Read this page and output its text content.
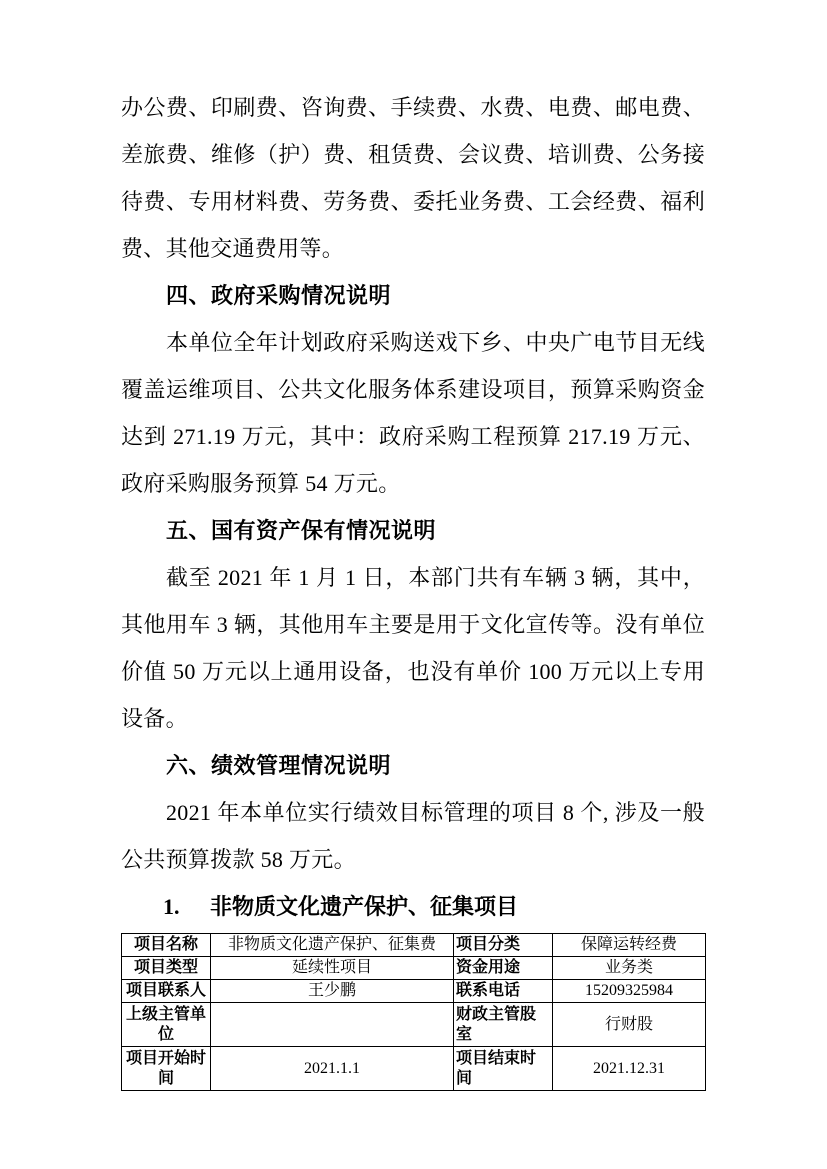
办公费、印刷费、咨询费、手续费、水费、电费、邮电费、差旅费、维修（护）费、租赁费、会议费、培训费、公务接待费、专用材料费、劳务费、委托业务费、工会经费、福利费、其他交通费用等。

四、政府采购情况说明

本单位全年计划政府采购送戏下乡、中央广电节目无线覆盖运维项目、公共文化服务体系建设项目，预算采购资金达到 271.19 万元，其中：政府采购工程预算 217.19 万元、政府采购服务预算 54 万元。

五、国有资产保有情况说明

截至 2021 年 1 月 1 日，本部门共有车辆 3 辆，其中，其他用车 3 辆，其他用车主要是用于文化宣传等。没有单位价值 50 万元以上通用设备，也没有单价 100 万元以上专用设备。

六、绩效管理情况说明

2021 年本单位实行绩效目标管理的项目 8 个, 涉及一般公共预算拨款 58 万元。

1. 非物质文化遗产保护、征集项目
项目名称	非物质文化遗产保护、征集费	项目分类	保障运转经费
项目类型	延续性项目	资金用途	业务类
项目联系人	王少鹏	联系电话	15209325984
上级主管单位		财政主管股室	行财股
项目开始时间	2021.1.1	项目结束时间	2021.12.31
